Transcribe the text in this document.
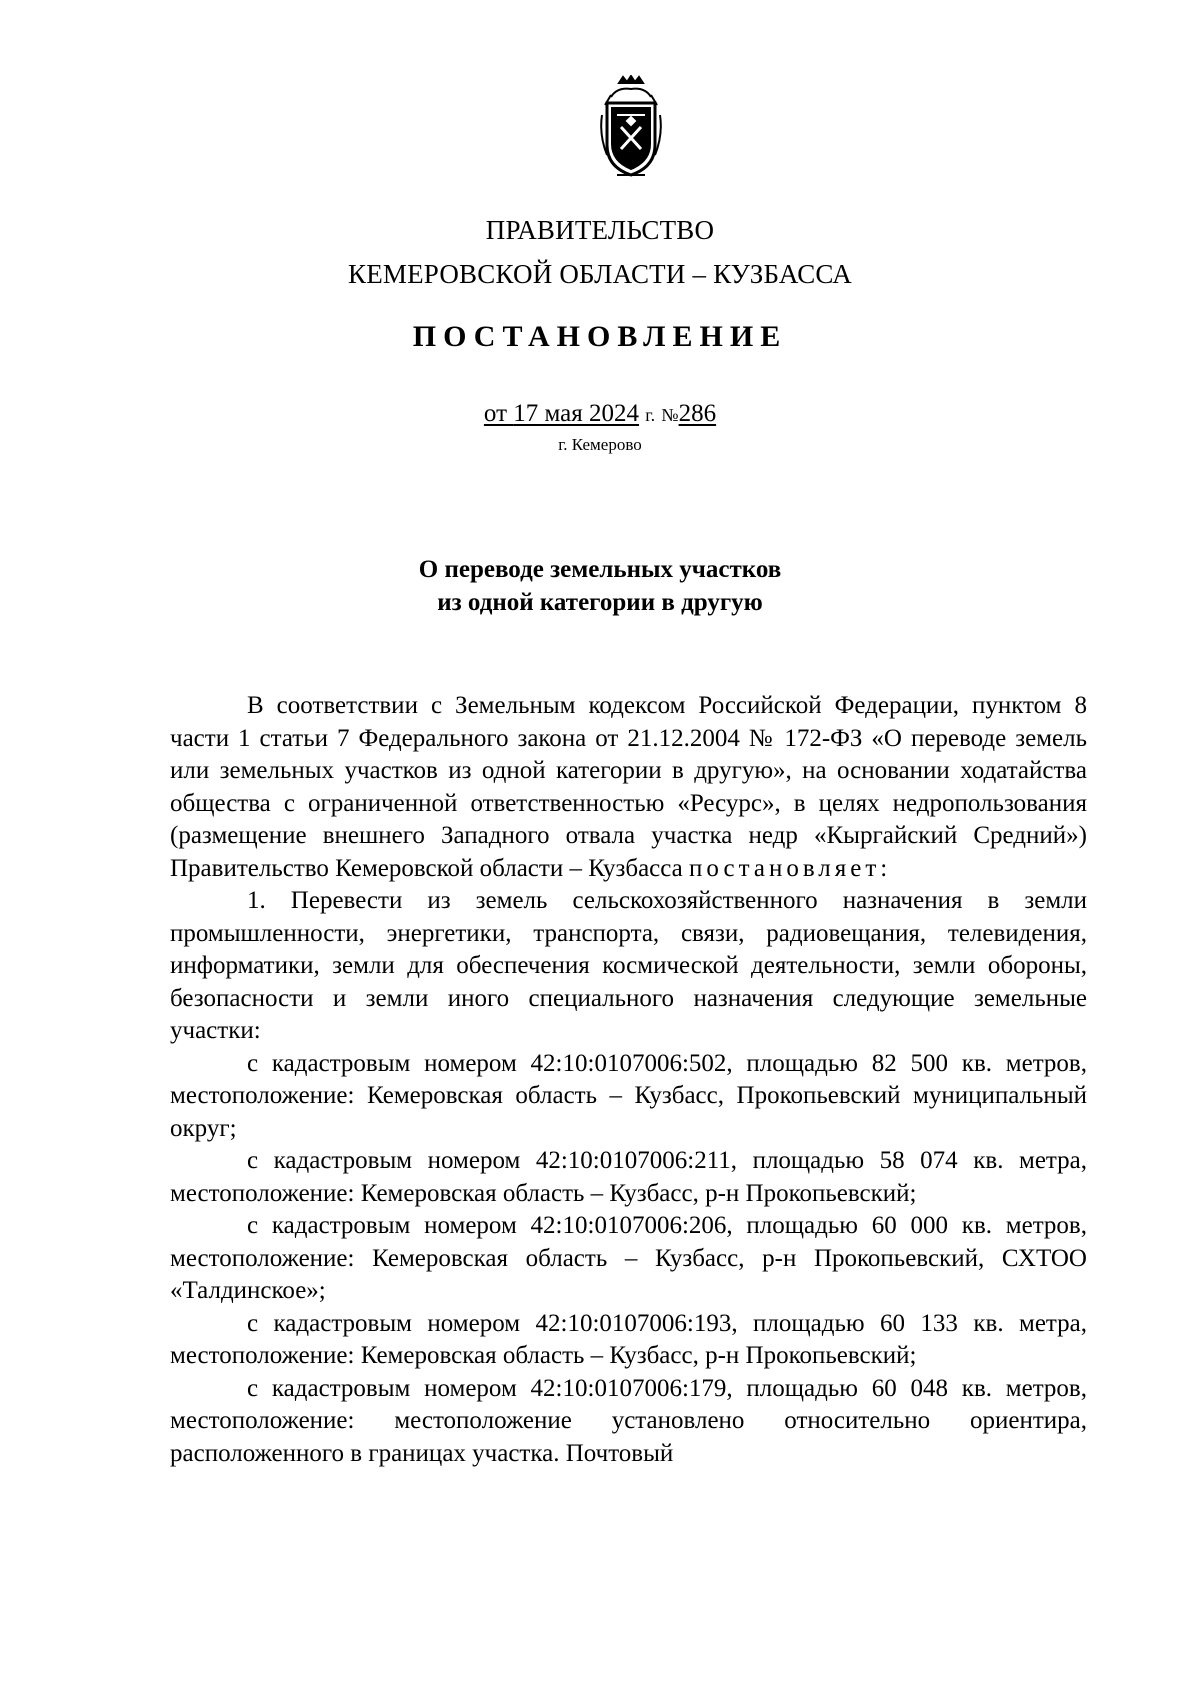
ПРАВИТЕЛЬСТВО
КЕМЕРОВСКОЙ ОБЛАСТИ – КУЗБАССА
ПОСТАНОВЛЕНИЕ
от 17 мая 2024 г. №286
г. Кемерово
О переводе земельных участков
из одной категории в другую

В соответствии с Земельным кодексом Российской Федерации, пунктом 8 части 1 статьи 7 Федерального закона от 21.12.2004 № 172-ФЗ «О переводе земель или земельных участков из одной категории в другую», на основании ходатайства общества с ограниченной ответственностью «Ресурс», в целях недропользования (размещение внешнего Западного отвала участка недр «Кыргайский Средний») Правительство Кемеровской области – Кузбасса постановляет:

1. Перевести из земель сельскохозяйственного назначения в земли промышленности, энергетики, транспорта, связи, радиовещания, телевидения, информатики, земли для обеспечения космической деятельности, земли обороны, безопасности и земли иного специального назначения следующие земельные участки:

с кадастровым номером 42:10:0107006:502, площадью 82 500 кв. метров, местоположение: Кемеровская область – Кузбасс, Прокопьевский муниципальный округ;

с кадастровым номером 42:10:0107006:211, площадью 58 074 кв. метра, местоположение: Кемеровская область – Кузбасс, р-н Прокопьевский;

с кадастровым номером 42:10:0107006:206, площадью 60 000 кв. метров, местоположение: Кемеровская область – Кузбасс, р-н Прокопьевский, СХТОО «Талдинское»;

с кадастровым номером 42:10:0107006:193, площадью 60 133 кв. метра, местоположение: Кемеровская область – Кузбасс, р-н Прокопьевский;

с кадастровым номером 42:10:0107006:179, площадью 60 048 кв. метров, местоположение: местоположение установлено относительно ориентира, расположенного в границах участка. Почтовый
